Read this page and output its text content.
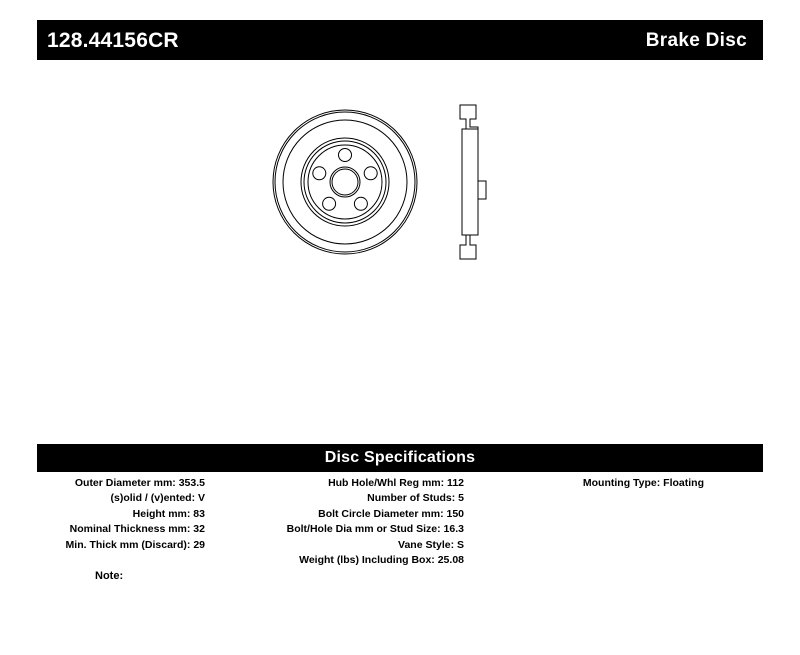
128.44156CR	Brake Disc
Disc Specifications
Outer Diameter mm: 353.5
(s)olid / (v)ented: V
Height mm: 83
Nominal Thickness mm: 32
Min. Thick mm (Discard): 29
Hub Hole/Whl Reg mm: 112
Number of Studs: 5
Bolt Circle Diameter mm: 150
Bolt/Hole Dia mm or Stud Size: 16.3
Vane Style: S
Weight (lbs) Including Box: 25.08
Mounting Type: Floating
Note:
